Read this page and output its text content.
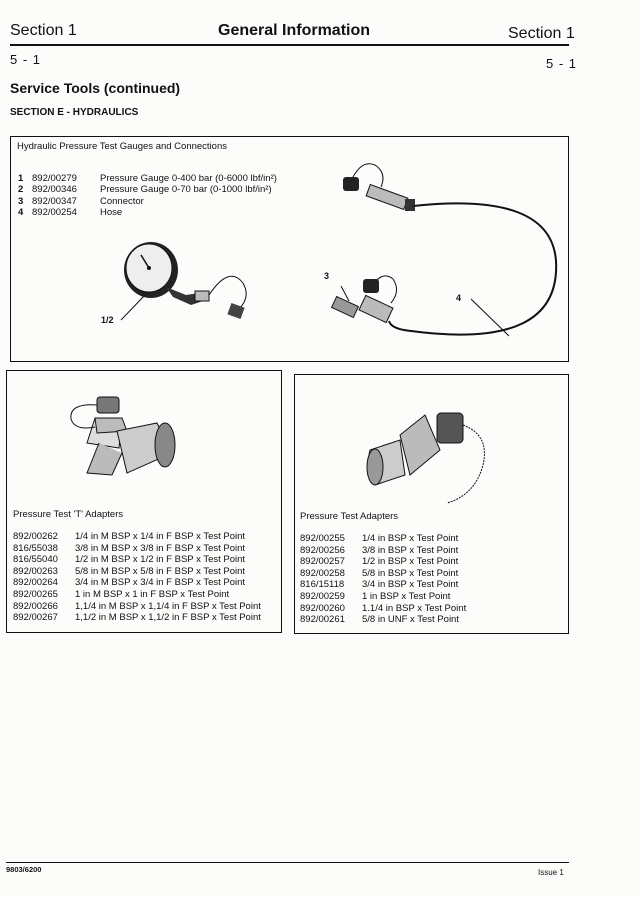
Section 1	General Information	Section 1
5 - 1	5 - 1
Service Tools (continued)
SECTION E - HYDRAULICS
Hydraulic Pressure Test Gauges and Connections
1 892/00279	Pressure Gauge 0-400 bar (0-6000 lbf/in²)
2 892/00346	Pressure Gauge 0-70 bar (0-1000 lbf/in²)
3 892/00347	Connector
4 892/00254	Hose
1/2
3
4
Pressure Test 'T' Adapters
892/00262	1/4 in M BSP x 1/4 in F BSP x Test Point
816/55038	3/8 in M BSP x 3/8 in F BSP x Test Point
816/55040	1/2 in M BSP x 1/2 in F BSP x Test Point
892/00263	5/8 in M BSP x 5/8 in F BSP x Test Point
892/00264	3/4 in M BSP x 3/4 in F BSP x Test Point
892/00265	1 in M BSP x 1 in F BSP x Test Point
892/00266	1,1/4 in M BSP x 1,1/4 in F BSP x Test Point
892/00267	1,1/2 in M BSP x 1,1/2 in F BSP x Test Point
Pressure Test Adapters
892/00255	1/4 in BSP x Test Point
892/00256	3/8 in BSP x Test Point
892/00257	1/2 in BSP x Test Point
892/00258	5/8 in BSP x Test Point
816/15118	3/4 in BSP x Test Point
892/00259	1 in BSP x Test Point
892/00260	1.1/4 in BSP x Test Point
892/00261	5/8 in UNF x Test Point
9803/6200	Issue 1
